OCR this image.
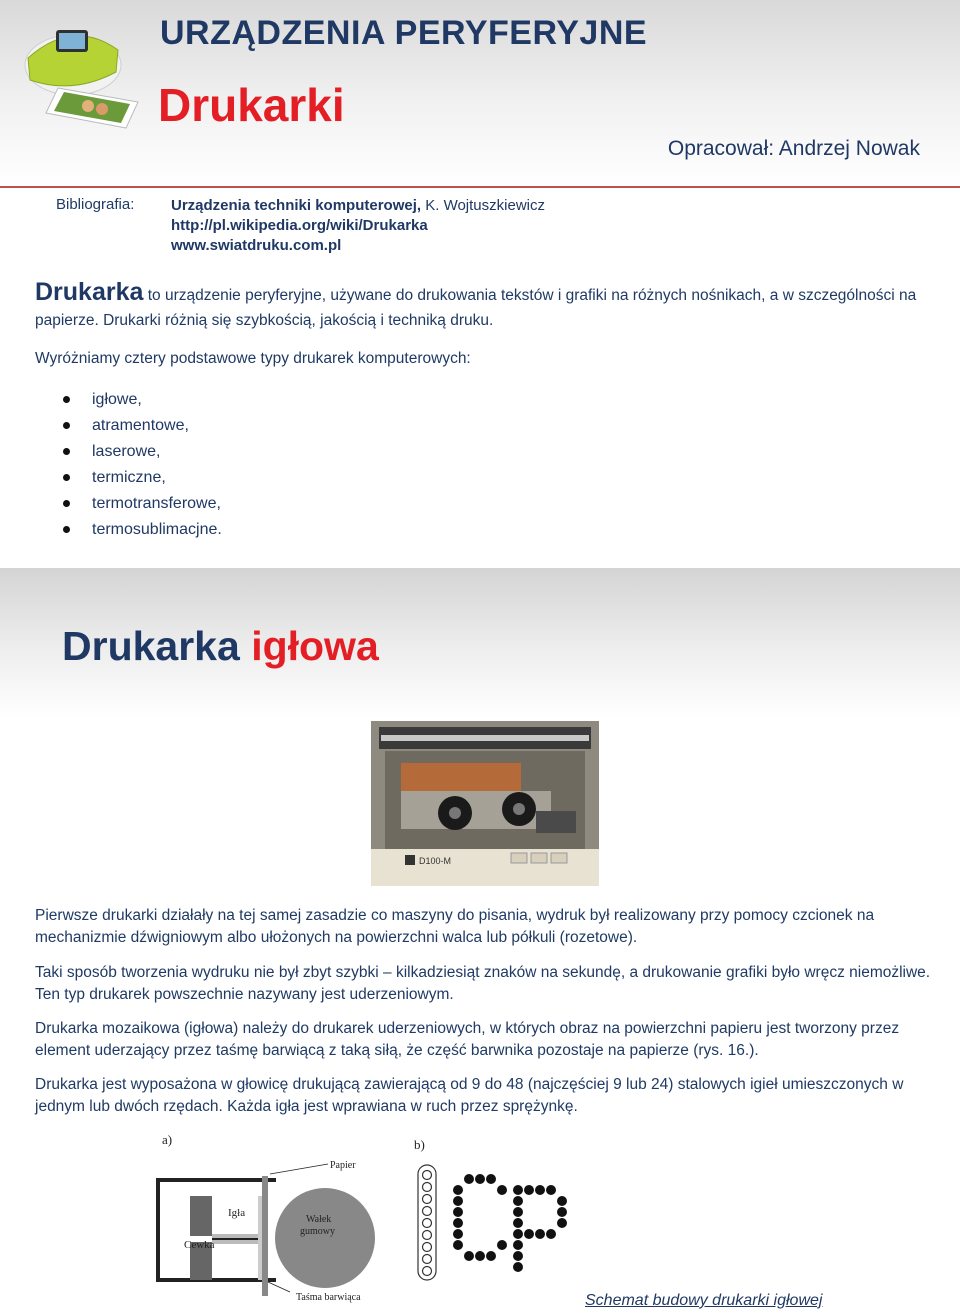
URZĄDZENIA PERYFERYJNE
Drukarki
Opracował: Andrzej Nowak
Bibliografia: Urządzenia techniki komputerowej, K. Wojtuszkiewicz
http://pl.wikipedia.org/wiki/Drukarka
www.swiatdruku.com.pl
Drukarka to urządzenie peryferyjne, używane do drukowania tekstów i grafiki na różnych nośnikach, a w szczególności na papierze. Drukarki różnią się szybkością, jakością i techniką druku.
Wyróżniamy cztery podstawowe typy drukarek komputerowych:
igłowe,
atramentowe,
laserowe,
termiczne,
termotransferowe,
termosublimacjne.
Drukarka igłowa
D100-M
Pierwsze drukarki działały na tej samej zasadzie co maszyny do pisania, wydruk był realizowany przy pomocy czcionek na mechanizmie dźwigniowym albo ułożonych na powierzchni walca lub półkuli (rozetowe).
Taki sposób tworzenia wydruku nie był zbyt szybki – kilkadziesiąt znaków na sekundę, a drukowanie grafiki było wręcz niemożliwe. Ten typ drukarek powszechnie nazywany jest uderzeniowym.
Drukarka mozaikowa (igłowa) należy do drukarek uderzeniowych, w których obraz na powierzchni papieru jest tworzony przez element uderzający przez taśmę barwiącą z taką siłą, że część barwnika pozostaje na papierze (rys. 16.).
Drukarka jest wyposażona w głowicę drukującą zawierającą od 9 do 48 (najczęściej 9 lub 24) stalowych igieł umieszczonych w jednym lub dwóch rzędach. Każda igła jest wprawiana w ruch przez sprężynkę.
a)
Papier
Igła
Cewka
Wałek
gumowy
Taśma barwiąca
b)
Schemat budowy drukarki igłowej
